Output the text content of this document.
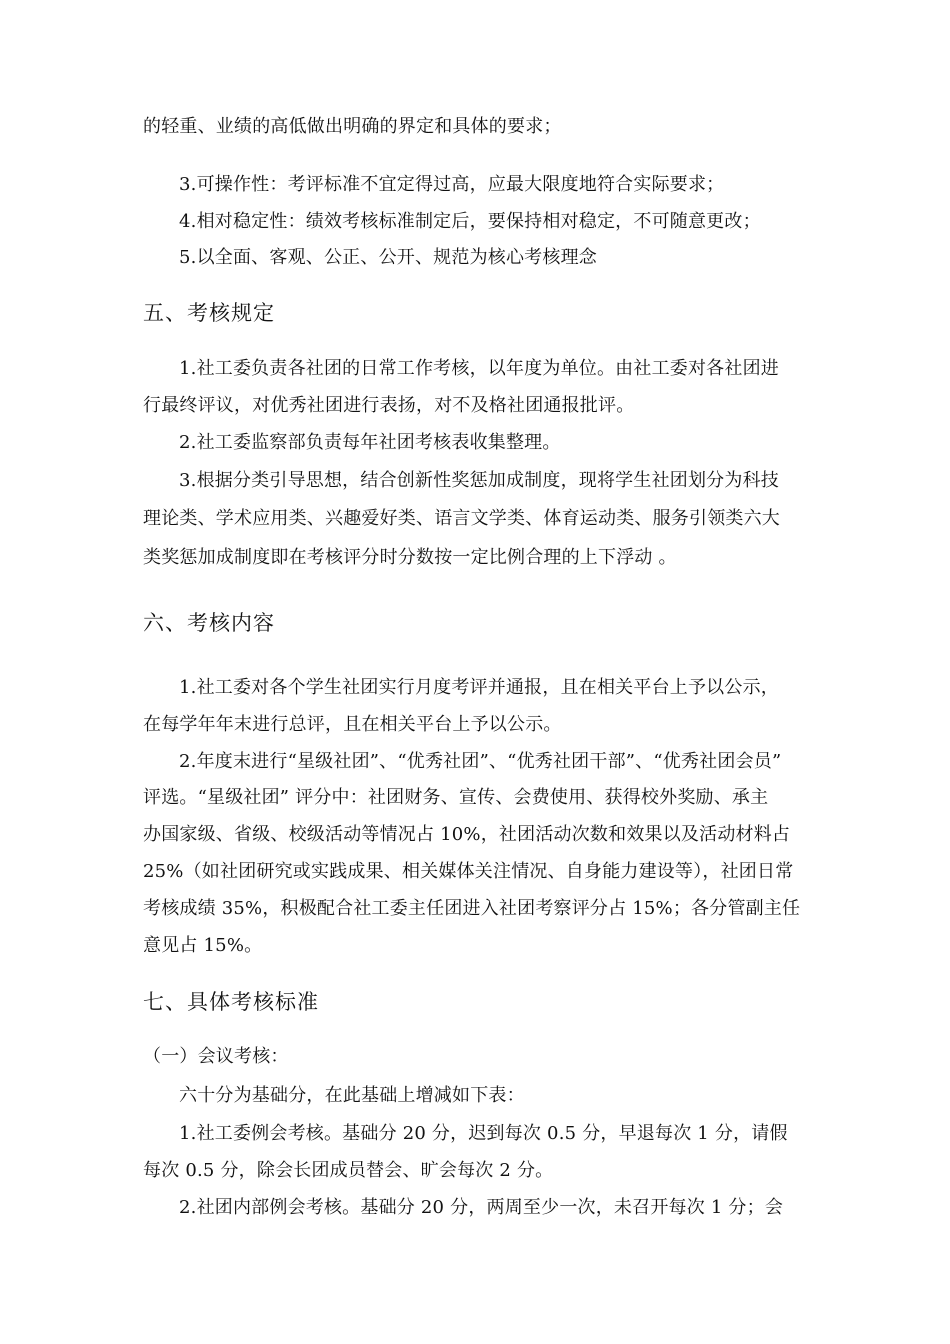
的轻重、业绩的高低做出明确的界定和具体的要求；
3.可操作性：考评标准不宜定得过高，应最大限度地符合实际要求；
4.相对稳定性：绩效考核标准制定后，要保持相对稳定，不可随意更改；
5.以全面、客观、公正、公开、规范为核心考核理念
五、考核规定
1.社工委负责各社团的日常工作考核，以年度为单位。由社工委对各社团进
行最终评议，对优秀社团进行表扬，对不及格社团通报批评。
2.社工委监察部负责每年社团考核表收集整理。
3.根据分类引导思想，结合创新性奖惩加成制度，现将学生社团划分为科技
理论类、学术应用类、兴趣爱好类、语言文学类、体育运动类、服务引领类六大
类奖惩加成制度即在考核评分时分数按一定比例合理的上下浮动 。
六、考核内容
1.社工委对各个学生社团实行月度考评并通报，且在相关平台上予以公示，
在每学年年末进行总评，且在相关平台上予以公示。
2.年度末进行“星级社团”、“优秀社团”、“优秀社团干部”、“优秀社团会员”
评选。“星级社团” 评分中：社团财务、宣传、会费使用、获得校外奖励、承主
办国家级、省级、校级活动等情况占 10%，社团活动次数和效果以及活动材料占
25%（如社团研究或实践成果、相关媒体关注情况、自身能力建设等），社团日常
考核成绩 35%，积极配合社工委主任团进入社团考察评分占 15%；各分管副主任
意见占 15%。
七、具体考核标准
（一）会议考核：
六十分为基础分，在此基础上增减如下表：
1.社工委例会考核。基础分 20 分，迟到每次 0.5 分，早退每次 1 分，请假
每次 0.5 分，除会长团成员替会、旷会每次 2 分。
2.社团内部例会考核。基础分 20 分，两周至少一次，未召开每次 1 分；会
